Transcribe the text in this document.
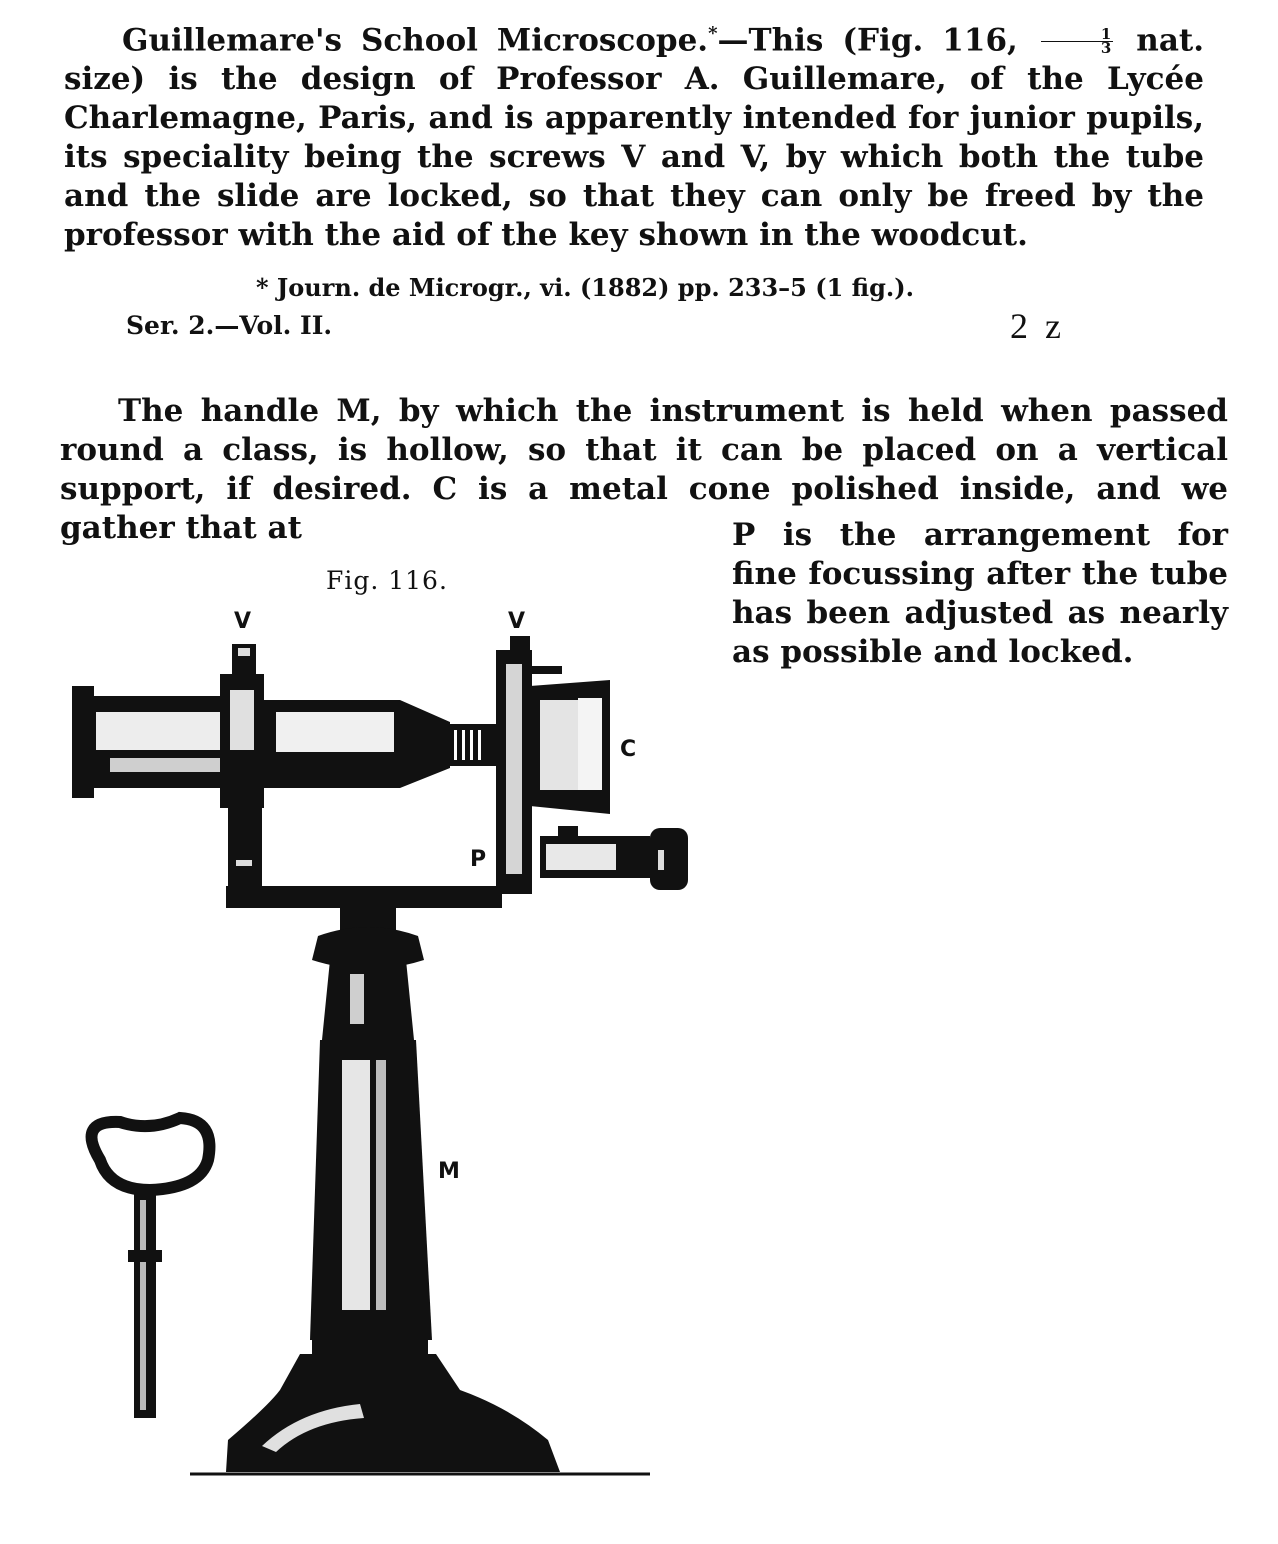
Guillemare's School Microscope.*—This (Fig. 116, $\frac{1}{3}$ nat. size) is the design of Professor A. Guillemare, of the Lycée Charlemagne, Paris, and is apparently intended for junior pupils, its speciality being the screws V and V, by which both the tube and the slide are locked, so that they can only be freed by the professor with the aid of the key shown in the woodcut.

* Journ. de Microgr., vi. (1882) pp. 233–5 (1 fig.).

Ser. 2.—Vol. II.	2 z

The handle M, by which the instrument is held when passed round a class, is hollow, so that it can be placed on a vertical support, if desired. C is a metal cone polished inside, and we gather that at	P is the arrangement for fine focussing after the tube has been adjusted as nearly as possible and locked.

Fig. 116.
V	V
C
P
M
